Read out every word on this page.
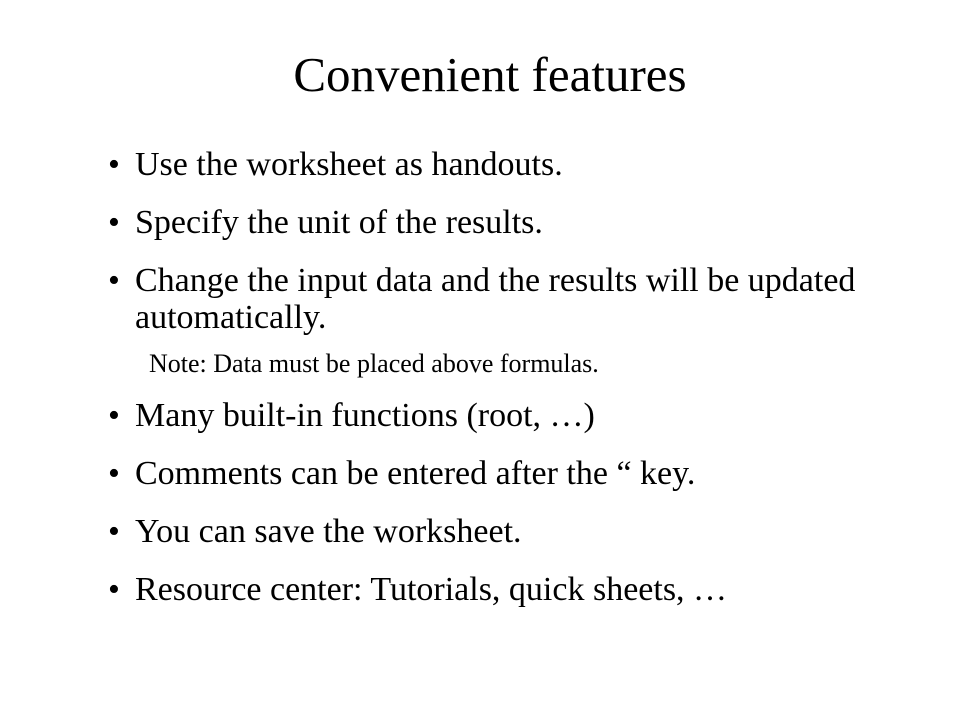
Convenient features
• Use the worksheet as handouts.
• Specify the unit of the results.
• Change the input data and the results will be updated automatically.
Note: Data must be placed above formulas.
• Many built-in functions (root, …)
• Comments can be entered after the “ key.
• You can save the worksheet.
• Resource center: Tutorials, quick sheets, …
